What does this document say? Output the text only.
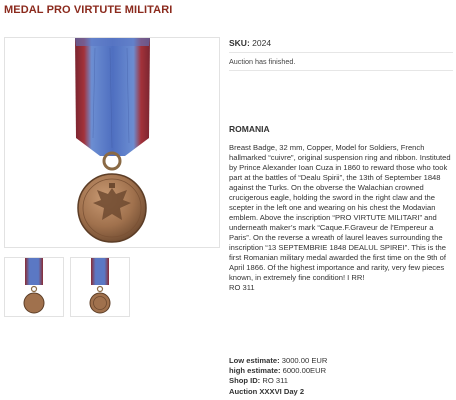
MEDAL PRO VIRTUTE MILITARI
SKU: 2024
Auction has finished.
ROMANIA
Breast Badge, 32 mm, Copper, Model for Soldiers, French hallmarked “cuivre”, original suspension ring and ribbon. Instituted by Prince Alexander Ioan Cuza in 1860 to reward those who took part at the battles of “Dealu Spirii”, the 13th of September 1848 against the Turks. On the obverse the Walachian crowned crucigerous eagle, holding the sword in the right claw and the scepter in the left one and wearing on his chest the Modavian emblem. Above the inscription “PRO VIRTUTE MILITARI” and underneath maker’s mark “Caque.F.Graveur de l’Empereur a Paris”. On the reverse a wreath of laurel leaves surrounding the inscription “13 SEPTEMBRIE 1848 DEALUL SPIREI”. This is the first Romanian military medal awarded the first time on the 9th of April 1866. Of the highest importance and rarity, very few pieces known, in extremely fine condition! I RR!
RO 311
Low estimate: 3000.00 EUR
high estimate: 6000.00EUR
Shop ID: RO 311
Auction XXXVI Day 2
